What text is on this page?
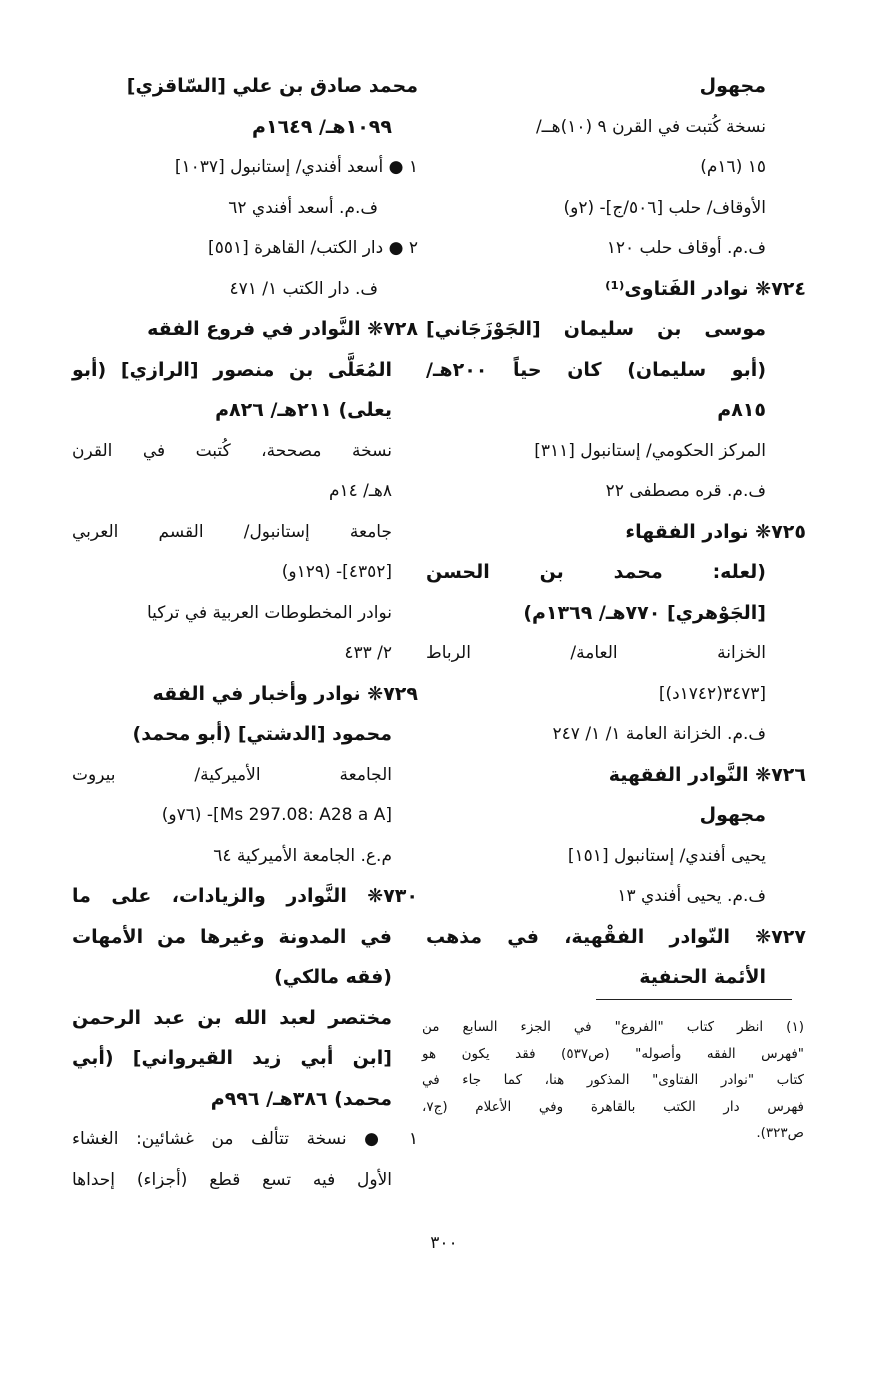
مجهول
نسخة كُتبت في القرن ٩ (١٠)هــ/
١٥ (١٦م)
الأوقاف/ حلب [٥٠٦/ج]- (٢و)
ف.م. أوقاف حلب ١٢٠
٧٢٤❋ نوادر الفَتاوى⁽¹⁾
موسى بن سليمان [الجَوْزَجَاني]
(أبو سليمان) كان حياً ٢٠٠هـ/
٨١٥م
المركز الحكومي/ إستانبول [٣١١]
ف.م. قره مصطفى ٢٢
٧٢٥❋ نوادر الفقهاء
(لعله: محمد بن الحسن
[الجَوْهري] ٧٧٠هـ/ ١٣٦٩م)
الخزانة العامة/ الرباط
[٣٤٧٣(١٧٤٢د)]
ف.م. الخزانة العامة ١/ ١/ ٢٤٧
٧٢٦❋ النَّوادر الفقهية
مجهول
يحيى أفندي/ إستانبول [١٥١]
ف.م. يحيى أفندي ١٣
٧٢٧❋ النّوادر الفقْهية، في مذهب
الأئمة الحنفية
محمد صادق بن علي [السّاقزي]
١٠٩٩هـ/ ١٦٤٩م
١ ● أسعد أفندي/ إستانبول [١٠٣٧]
ف.م. أسعد أفندي ٦٢
٢ ● دار الكتب/ القاهرة [٥٥١]
ف. دار الكتب ١/ ٤٧١
٧٢٨❋ النَّوادر في فروع الفقه
المُعَلَّى بن منصور [الرازي] (أبو
يعلى) ٢١١هـ/ ٨٢٦م
نسخة مصححة، كُتبت في القرن
٨هـ/ ١٤م
جامعة إستانبول/ القسم العربي
[٤٣٥٢]- (١٢٩و)
نوادر المخطوطات العربية في تركيا
٢/ ٤٣٣
٧٢٩❋ نوادر وأخبار في الفقه
محمود [الدشتي] (أبو محمد)
الجامعة الأميركية/ بيروت
[Ms 297.08: A28 a A]- (٧٦و)
م.ع. الجامعة الأميركية ٦٤
٧٣٠❋ النَّوادر والزيادات، على ما
في المدونة وغيرها من الأمهات
(فقه مالكي)
مختصر لعبد الله بن عبد الرحمن
[ابن أبي زيد القيرواني] (أبي
محمد) ٣٨٦هـ/ ٩٩٦م
١ ● نسخة تتألف من غشائين: الغشاء
الأول فيه تسع قطع (أجزاء) إحداها
(١) انظر كتاب "الفروع" في الجزء السابع من
"فهرس الفقه وأصوله" (ص٥٣٧) فقد يكون هو
كتاب "نوادر الفتاوى" المذكور هنا، كما جاء في
فهرس دار الكتب بالقاهرة وفي الأعلام (ج٧،
ص٣٢٣).
٣٠٠
